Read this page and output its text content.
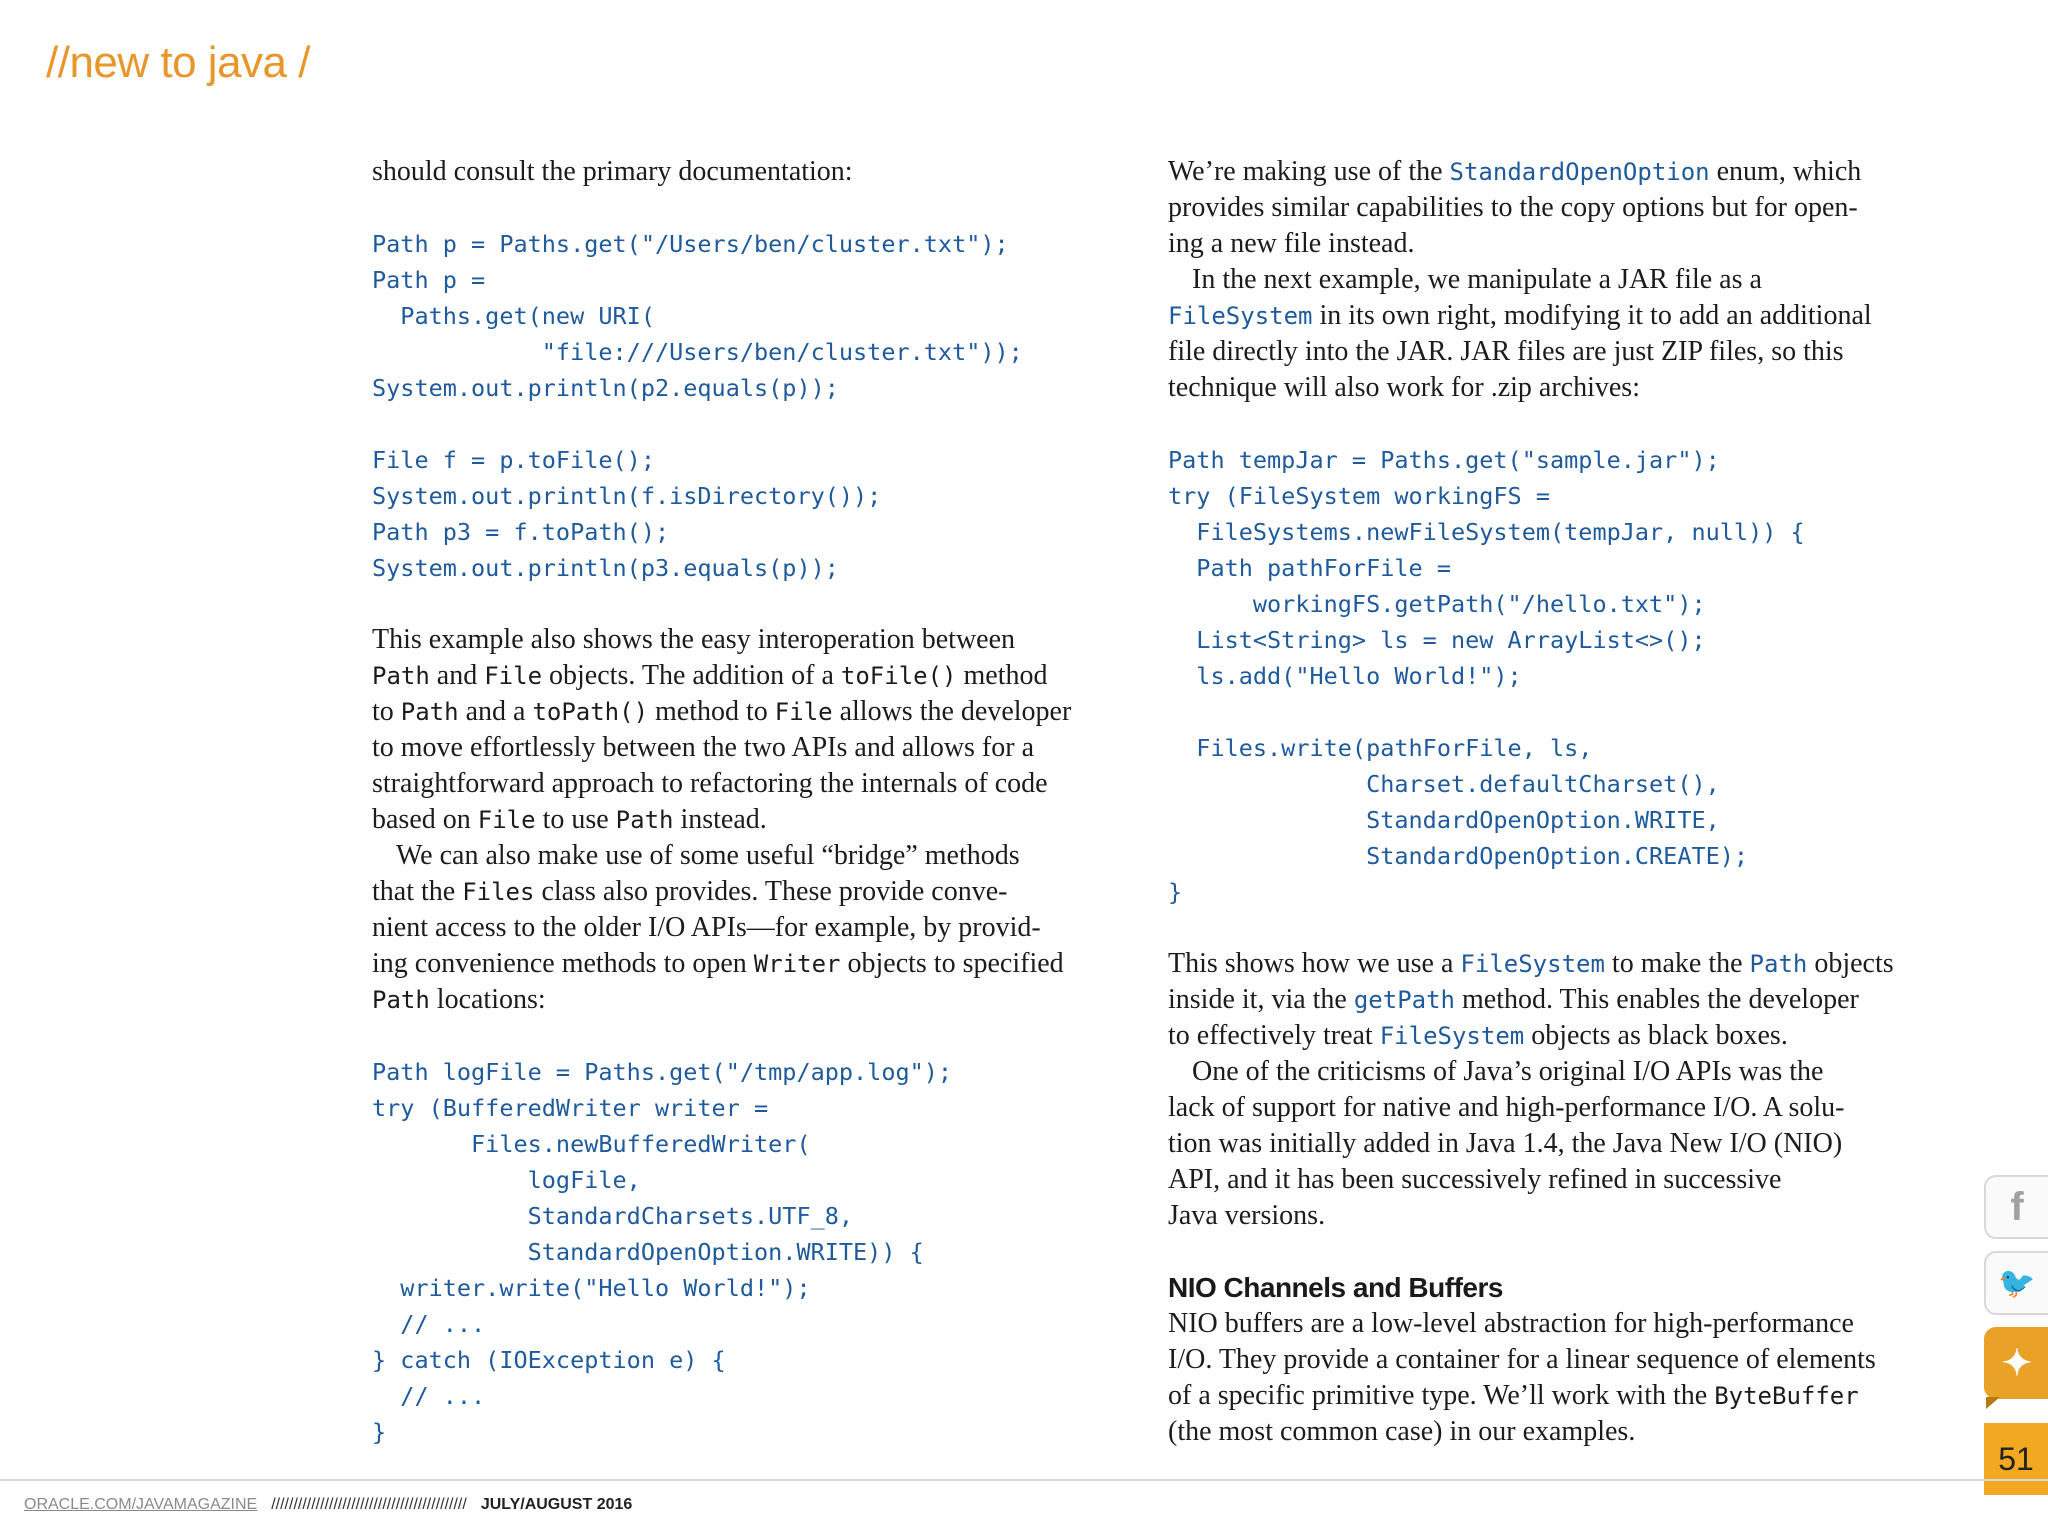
//new to java /
should consult the primary documentation:
Path p = Paths.get("/Users/ben/cluster.txt");
Path p =
Paths.get(new URI(
"file:///Users/ben/cluster.txt"));
System.out.println(p2.equals(p));
File f = p.toFile();
System.out.println(f.isDirectory());
Path p3 = f.toPath();
System.out.println(p3.equals(p));
This example also shows the easy interoperation between
Path and File objects. The addition of a toFile() method
to Path and a toPath() method to File allows the developer
to move effortlessly between the two APIs and allows for a
straightforward approach to refactoring the internals of code
based on File to use Path instead.
We can also make use of some useful “bridge” methods
that the Files class also provides. These provide conve-
nient access to the older I/O APIs—for example, by provid-
ing convenience methods to open Writer objects to specified
Path locations:
Path logFile = Paths.get("/tmp/app.log");
try (BufferedWriter writer =
Files.newBufferedWriter(
logFile,
StandardCharsets.UTF_8,
StandardOpenOption.WRITE)) {
writer.write("Hello World!");
// ...
} catch (IOException e) {
// ...
}
We’re making use of the StandardOpenOption enum, which
provides similar capabilities to the copy options but for open-
ing a new file instead.
In the next example, we manipulate a JAR file as a
FileSystem in its own right, modifying it to add an additional
file directly into the JAR. JAR files are just ZIP files, so this
technique will also work for .zip archives:
Path tempJar = Paths.get("sample.jar");
try (FileSystem workingFS =
FileSystems.newFileSystem(tempJar, null)) {
Path pathForFile =
workingFS.getPath("/hello.txt");
List<String> ls = new ArrayList<>();
ls.add("Hello World!");
Files.write(pathForFile, ls,
Charset.defaultCharset(),
StandardOpenOption.WRITE,
StandardOpenOption.CREATE);
}
This shows how we use a FileSystem to make the Path objects
inside it, via the getPath method. This enables the developer
to effectively treat FileSystem objects as black boxes.
One of the criticisms of Java’s original I/O APIs was the
lack of support for native and high-performance I/O. A solu-
tion was initially added in Java 1.4, the Java New I/O (NIO)
API, and it has been successively refined in successive
Java versions.
NIO Channels and Buffers
NIO buffers are a low-level abstraction for high-performance
I/O. They provide a container for a linear sequence of elements
of a specific primitive type. We’ll work with the ByteBuffer
(the most common case) in our examples.
f
🐦
✦
51
ORACLE.COM/JAVAMAGAZINE //////////////////////////////////////////// JULY/AUGUST 2016
